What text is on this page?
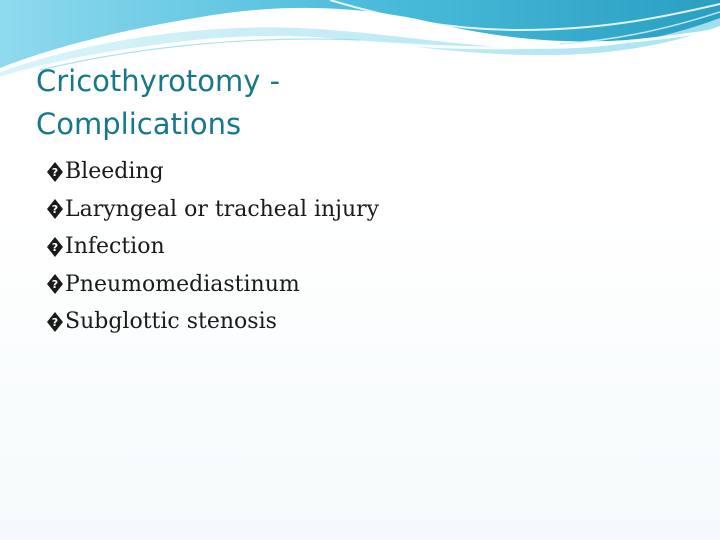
Cricothyrotomy -
Complications
? Bleeding
? Laryngeal or tracheal injury
? Infection
? Pneumomediastinum
? Subglottic stenosis
